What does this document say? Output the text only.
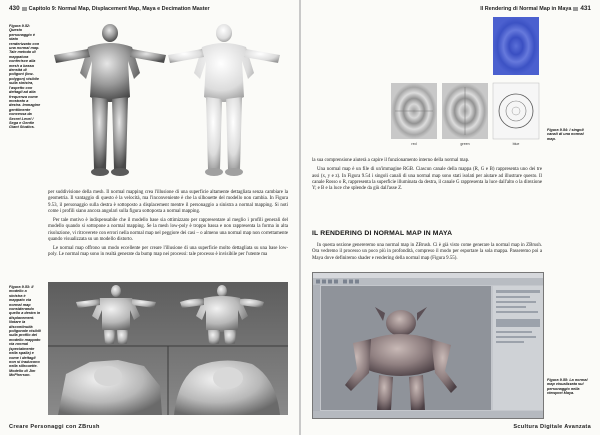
430 Capitolo 9: Normal Map, Displacement Map, Maya e Decimation Master
Figura 9.52: Questo personaggio è stato renderizzato con una normal map. Tale metodo di mappatura conferisce alla mesh a bassa densità di poligoni (low-polygon) visibile sulla sinistra, l'aspetto con dettagli ad alta frequenza come mostrato a destra. Immagine gentilmente concessa da Secret Level / Sega e Gentle Giant Studios.

per suddivisione della mesh. Il normal mapping crea l'illusione di una superficie altamente dettagliata senza cambiare la geometria. Il vantaggio di questo è la velocità, ma l'inconveniente è che la silhouette del modello non cambia. In Figura 9.53, il personaggio sulla destra è sottoposto a displacement mentre il personaggio a sinistra a normal mapping. Si noti come i profili siano ancora angolari sulla figura sottoposta a normal mapping.

Per tale motivo è indispensabile che il modello base sia ottimizzato per rappresentare al meglio i profili generali del modello quando si sottopone a normal mapping. Se la mesh low-poly è troppo bassa e non rappresenta la forma in alta risoluzione, vi ritroverete con errori nella normal map nel peggiore dei casi – o almeno una normal map non correttamente quando visualizzata su un modello distorto.

Le normal map offrono un modo eccellente per creare l'illusione di una superficie molto dettagliata su una base low-poly. Le normal map sono in realtà generate da bump map nei processi: tale processo è invisibile per l'utente ma

Figura 9.53: Il modello a sinistra è mappato via normal map considerando quello a destra in displacement. Notare la discontinuità poligonale visibili sulla profilo del modello mappato via normal (specialmente nella spalla) e come i dettagli non si traducono nella silhouette. Modello di Jim McPherson.
Creare Personaggi con ZBrush
Il Rendering di Normal Map in Maya 431
red	green	blue
Figura 9.54: I singoli canali di una normal map.

la sua comprensione aiuterà a capire il funzionamento interno della normal map.

Una normal map è un file di un'immagine RGB. Ciascun canale della mappa (R, G e B) rappresenta uno dei tre assi (x, y e z). In Figura 9.54 i singoli canali di una normal map sono stati isolati per aiutare ad illustrare questo. Il canale Rosso o R, rappresenta la superficie illuminata da destra, il canale G rappresenta la luce dall'alto o la direzione Y; e B e la luce che splende da giù dall'asse Z.

IL RENDERING DI NORMAL MAP IN MAYA

In questa sezione genereremo una normal map in ZBrush. Ci è già visto come generare la normal map in ZBrush. Ora vedremo il processo un poco più in profondità, compreso il modo per esportare la sola mappa. Passeremo poi a Maya dove definiremo shader e rendering della normal map (Figura 9.55).

Figura 9.55: La normal map visualizzata sul personaggio nella viewport Maya.
Scultura Digitale Avanzata
